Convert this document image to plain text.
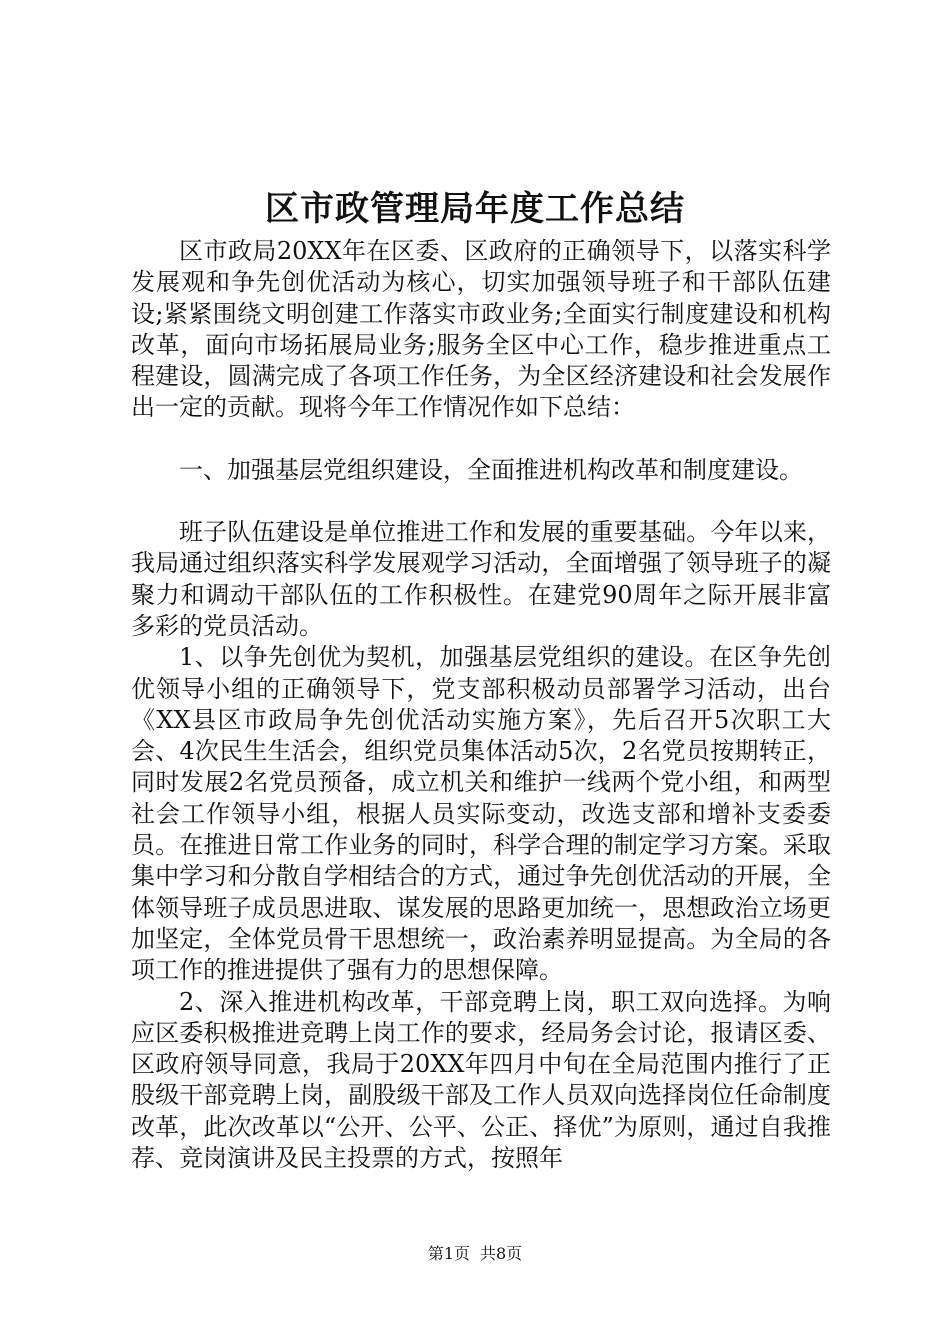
区市政管理局年度工作总结

区市政局20XX年在区委、区政府的正确领导下，以落实科学发展观和争先创优活动为核心，切实加强领导班子和干部队伍建设;紧紧围绕文明创建工作落实市政业务;全面实行制度建设和机构改革，面向市场拓展局业务;服务全区中心工作，稳步推进重点工程建设，圆满完成了各项工作任务，为全区经济建设和社会发展作出一定的贡献。现将今年工作情况作如下总结：

一、加强基层党组织建设，全面推进机构改革和制度建设。

班子队伍建设是单位推进工作和发展的重要基础。今年以来，我局通过组织落实科学发展观学习活动，全面增强了领导班子的凝聚力和调动干部队伍的工作积极性。在建党90周年之际开展非富多彩的党员活动。

1、以争先创优为契机，加强基层党组织的建设。在区争先创优领导小组的正确领导下，党支部积极动员部署学习活动，出台《XX县区市政局争先创优活动实施方案》，先后召开5次职工大会、4次民生生活会，组织党员集体活动5次，2名党员按期转正，同时发展2名党员预备，成立机关和维护一线两个党小组，和两型社会工作领导小组，根据人员实际变动，改选支部和增补支委委员。在推进日常工作业务的同时，科学合理的制定学习方案。采取集中学习和分散自学相结合的方式，通过争先创优活动的开展，全体领导班子成员思进取、谋发展的思路更加统一，思想政治立场更加坚定，全体党员骨干思想统一，政治素养明显提高。为全局的各项工作的推进提供了强有力的思想保障。

2、深入推进机构改革，干部竞聘上岗，职工双向选择。为响应区委积极推进竞聘上岗工作的要求，经局务会讨论，报请区委、区政府领导同意，我局于20XX年四月中旬在全局范围内推行了正股级干部竞聘上岗，副股级干部及工作人员双向选择岗位任命制度改革，此次改革以“公开、公平、公正、择优”为原则，通过自我推荐、竞岗演讲及民主投票的方式，按照年

第1页 共8页
